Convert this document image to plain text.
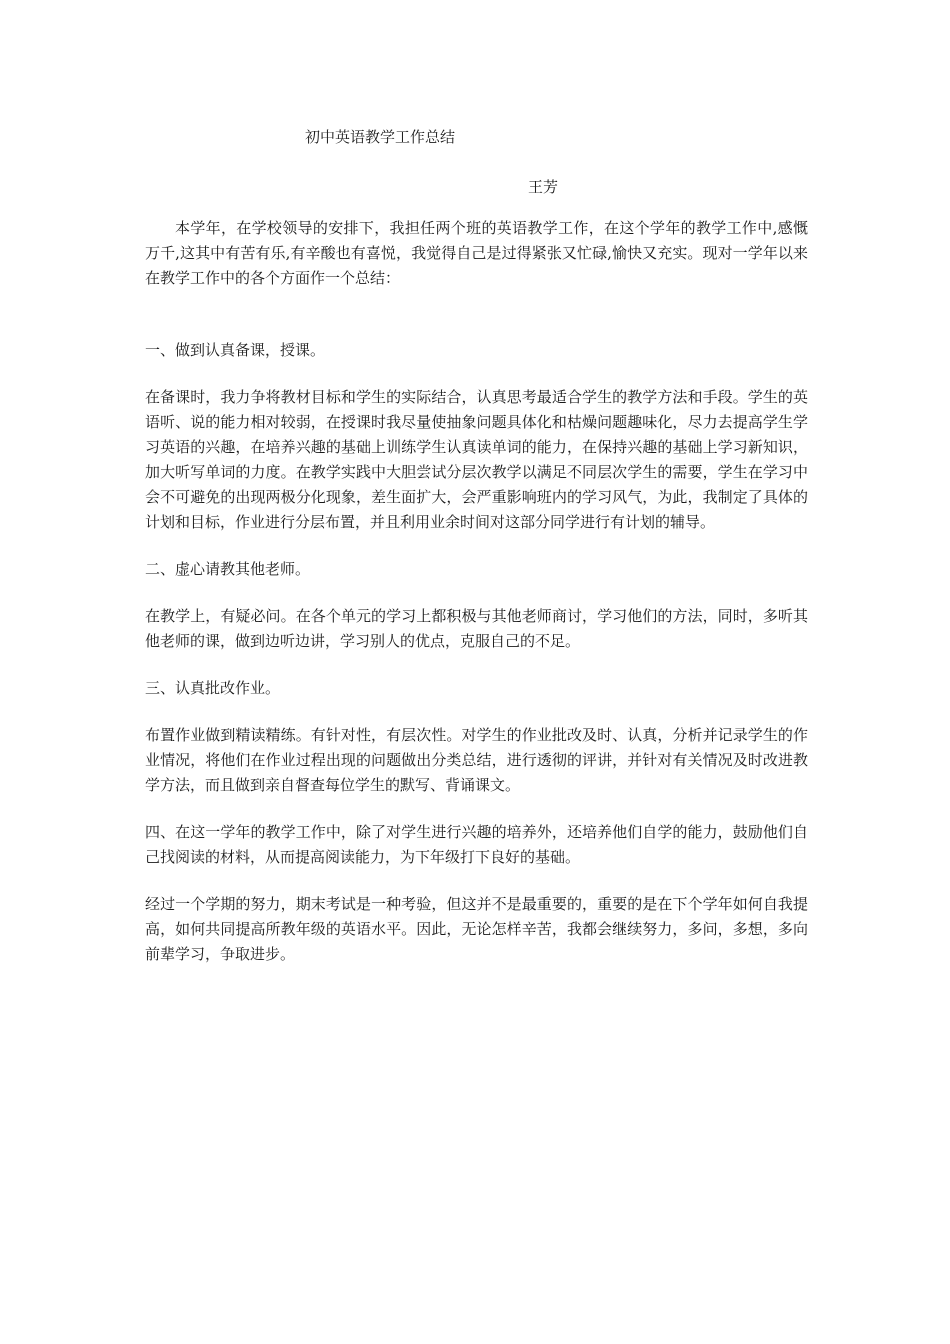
初中英语教学工作总结
王芳

本学年，在学校领导的安排下，我担任两个班的英语教学工作，在这个学年的教学工作中,感慨万千,这其中有苦有乐,有辛酸也有喜悦，我觉得自己是过得紧张又忙碌,愉快又充实。现对一学年以来在教学工作中的各个方面作一个总结：

一、做到认真备课，授课。

在备课时，我力争将教材目标和学生的实际结合，认真思考最适合学生的教学方法和手段。学生的英语听、说的能力相对较弱，在授课时我尽量使抽象问题具体化和枯燥问题趣味化，尽力去提高学生学习英语的兴趣，在培养兴趣的基础上训练学生认真读单词的能力，在保持兴趣的基础上学习新知识，加大听写单词的力度。在教学实践中大胆尝试分层次教学以满足不同层次学生的需要，学生在学习中会不可避免的出现两极分化现象，差生面扩大，会严重影响班内的学习风气，为此，我制定了具体的计划和目标，作业进行分层布置，并且利用业余时间对这部分同学进行有计划的辅导。

二、虚心请教其他老师。

在教学上，有疑必问。在各个单元的学习上都积极与其他老师商讨，学习他们的方法，同时，多听其他老师的课，做到边听边讲，学习别人的优点，克服自己的不足。

三、认真批改作业。

布置作业做到精读精练。有针对性，有层次性。对学生的作业批改及时、认真，分析并记录学生的作业情况，将他们在作业过程出现的问题做出分类总结，进行透彻的评讲，并针对有关情况及时改进教学方法，而且做到亲自督查每位学生的默写、背诵课文。

四、在这一学年的教学工作中，除了对学生进行兴趣的培养外，还培养他们自学的能力，鼓励他们自己找阅读的材料，从而提高阅读能力，为下年级打下良好的基础。

经过一个学期的努力，期末考试是一种考验，但这并不是最重要的，重要的是在下个学年如何自我提高，如何共同提高所教年级的英语水平。因此，无论怎样辛苦，我都会继续努力，多问，多想，多向前辈学习，争取进步。
